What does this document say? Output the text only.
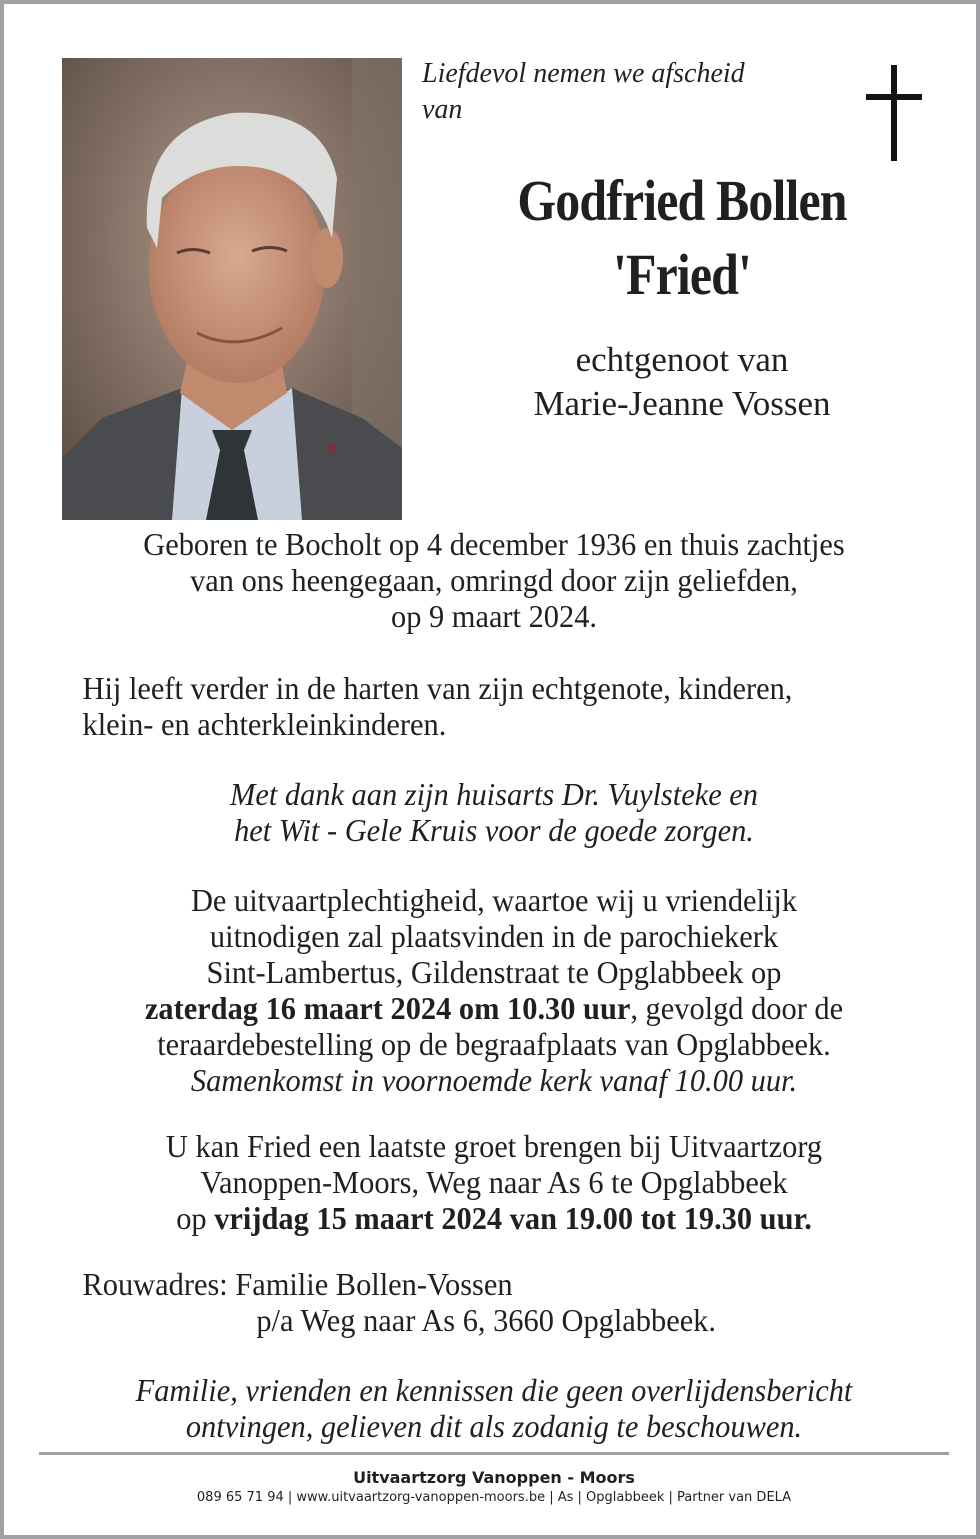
Liefdevol nemen we afscheid
van
Godfried Bollen
'Fried'
echtgenoot van
Marie-Jeanne Vossen
Geboren te Bocholt op 4 december 1936 en thuis zachtjes
van ons heengegaan, omringd door zijn geliefden,
op 9 maart 2024.
Hij leeft verder in de harten van zijn echtgenote, kinderen,
klein- en achterkleinkinderen.
Met dank aan zijn huisarts Dr. Vuylsteke en
het Wit - Gele Kruis voor de goede zorgen.
De uitvaartplechtigheid, waartoe wij u vriendelijk
uitnodigen zal plaatsvinden in de parochiekerk
Sint-Lambertus, Gildenstraat te Opglabbeek op
zaterdag 16 maart 2024 om 10.30 uur, gevolgd door de
teraardebestelling op de begraafplaats van Opglabbeek.
Samenkomst in voornoemde kerk vanaf 10.00 uur.
U kan Fried een laatste groet brengen bij Uitvaartzorg
Vanoppen-Moors, Weg naar As 6 te Opglabbeek
op vrijdag 15 maart 2024 van 19.00 tot 19.30 uur.
Rouwadres: Familie Bollen-Vossen
p/a Weg naar As 6, 3660 Opglabbeek.
Familie, vrienden en kennissen die geen overlijdensbericht
ontvingen, gelieven dit als zodanig te beschouwen.
Uitvaartzorg Vanoppen - Moors
089 65 71 94 | www.uitvaartzorg-vanoppen-moors.be | As | Opglabbeek | Partner van DELA
